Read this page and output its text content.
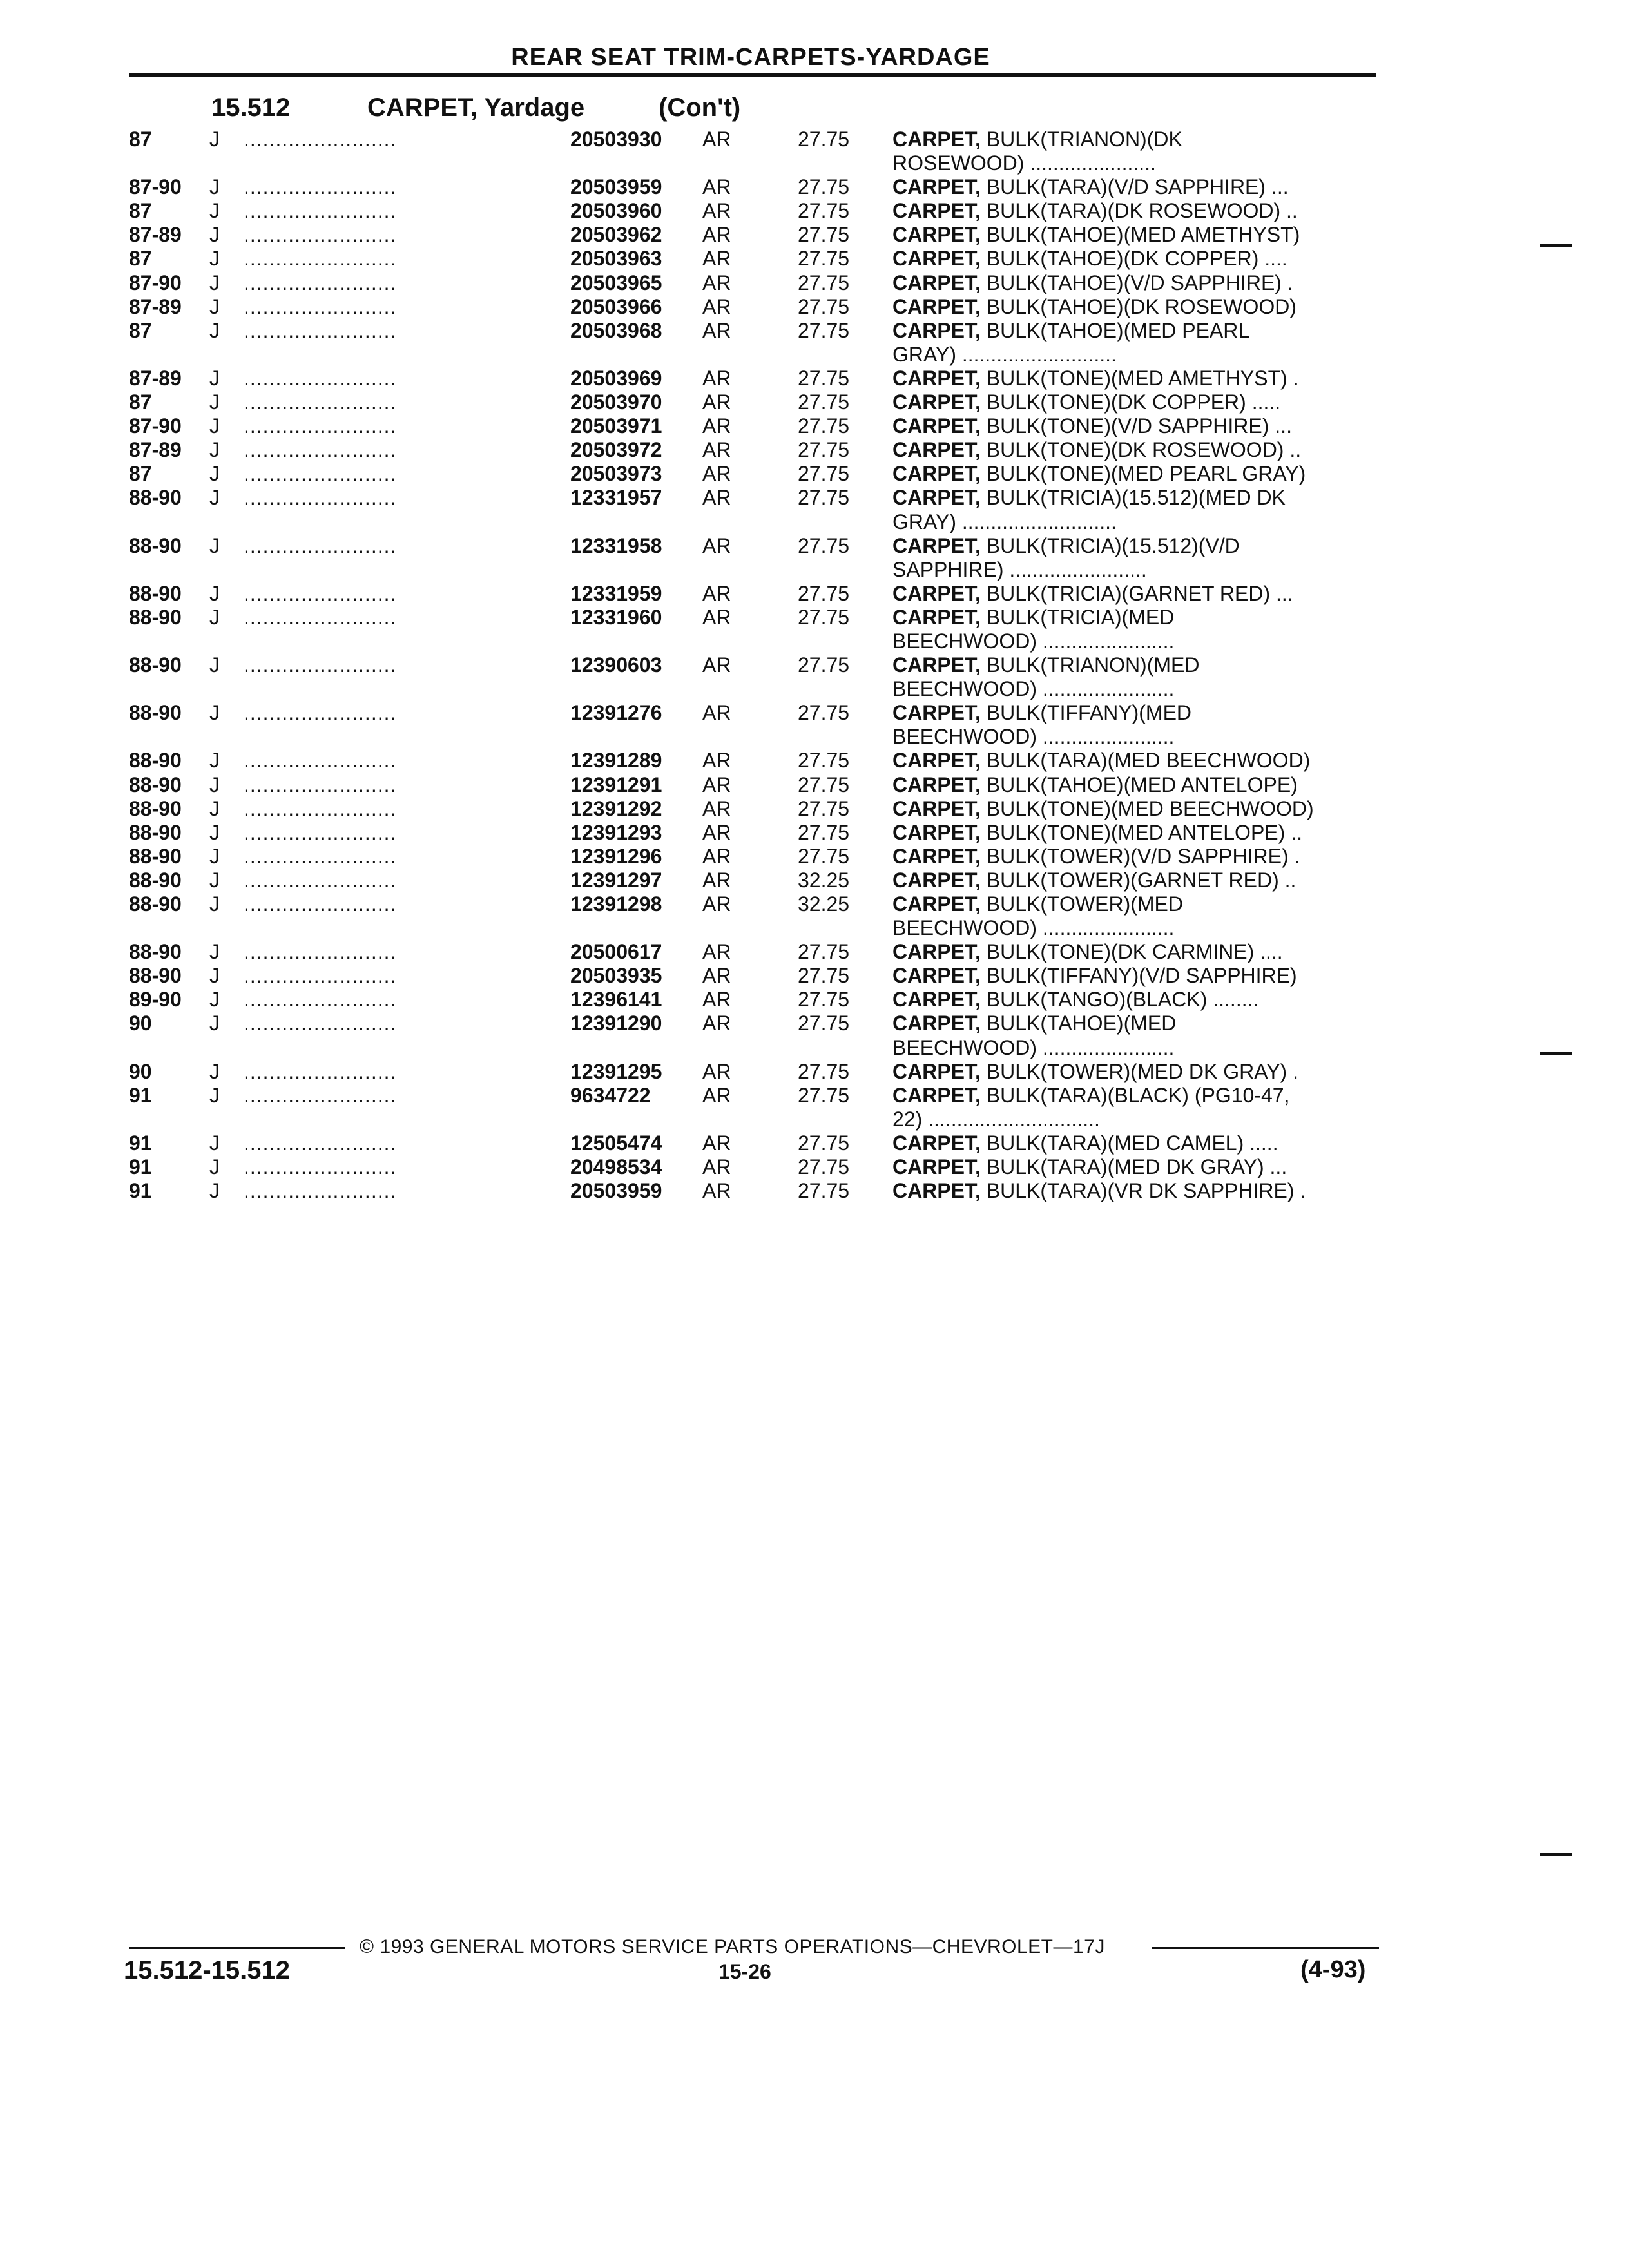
REAR SEAT TRIM-CARPETS-YARDAGE
15.512	CARPET, Yardage	(Con't)
87	J ........................	20503930 AR	27.75 CARPET, BULK(TRIANON)(DK
ROSEWOOD) ......................
87-90 J ........................	20503959 AR	27.75 CARPET, BULK(TARA)(V/D SAPPHIRE) ...
87	J ........................	20503960 AR	27.75 CARPET, BULK(TARA)(DK ROSEWOOD) ..
87-89 J ........................	20503962 AR	27.75 CARPET, BULK(TAHOE)(MED AMETHYST)
87	J ........................	20503963 AR	27.75 CARPET, BULK(TAHOE)(DK COPPER) ....
87-90 J ........................	20503965 AR	27.75 CARPET, BULK(TAHOE)(V/D SAPPHIRE) .
87-89 J ........................	20503966 AR	27.75 CARPET, BULK(TAHOE)(DK ROSEWOOD)
87	J ........................	20503968 AR	27.75 CARPET, BULK(TAHOE)(MED PEARL
GRAY) ...........................
87-89 J ........................	20503969 AR	27.75 CARPET, BULK(TONE)(MED AMETHYST) .
87	J ........................	20503970 AR	27.75 CARPET, BULK(TONE)(DK COPPER) .....
87-90 J ........................	20503971 AR	27.75 CARPET, BULK(TONE)(V/D SAPPHIRE) ...
87-89 J ........................	20503972 AR	27.75 CARPET, BULK(TONE)(DK ROSEWOOD) ..
87	J ........................	20503973 AR	27.75 CARPET, BULK(TONE)(MED PEARL GRAY)
88-90 J ........................	12331957 AR	27.75 CARPET, BULK(TRICIA)(15.512)(MED DK
GRAY) ...........................
88-90 J ........................	12331958 AR	27.75 CARPET, BULK(TRICIA)(15.512)(V/D
SAPPHIRE) ........................
88-90 J ........................	12331959 AR	27.75 CARPET, BULK(TRICIA)(GARNET RED) ...
88-90 J ........................	12331960 AR	27.75 CARPET, BULK(TRICIA)(MED
BEECHWOOD) .......................
88-90 J ........................	12390603 AR	27.75 CARPET, BULK(TRIANON)(MED
BEECHWOOD) .......................
88-90 J ........................	12391276 AR	27.75 CARPET, BULK(TIFFANY)(MED
BEECHWOOD) .......................
88-90 J ........................	12391289 AR	27.75 CARPET, BULK(TARA)(MED BEECHWOOD)
88-90 J ........................	12391291 AR	27.75 CARPET, BULK(TAHOE)(MED ANTELOPE)
88-90 J ........................	12391292 AR	27.75 CARPET, BULK(TONE)(MED BEECHWOOD)
88-90 J ........................	12391293 AR	27.75 CARPET, BULK(TONE)(MED ANTELOPE) ..
88-90 J ........................	12391296 AR	27.75 CARPET, BULK(TOWER)(V/D SAPPHIRE) .
88-90 J ........................	12391297 AR	32.25 CARPET, BULK(TOWER)(GARNET RED) ..
88-90 J ........................	12391298 AR	32.25 CARPET, BULK(TOWER)(MED
BEECHWOOD) .......................
88-90 J ........................	20500617 AR	27.75 CARPET, BULK(TONE)(DK CARMINE) ....
88-90 J ........................	20503935 AR	27.75 CARPET, BULK(TIFFANY)(V/D SAPPHIRE)
89-90 J ........................	12396141 AR	27.75 CARPET, BULK(TANGO)(BLACK) ........
90	J ........................	12391290 AR	27.75 CARPET, BULK(TAHOE)(MED
BEECHWOOD) .......................
90	J ........................	12391295 AR	27.75 CARPET, BULK(TOWER)(MED DK GRAY) .
91	J ........................	9634722	AR	27.75 CARPET, BULK(TARA)(BLACK) (PG10-47,
22) ..............................
91	J ........................	12505474 AR	27.75 CARPET, BULK(TARA)(MED CAMEL) .....
91	J ........................	20498534 AR	27.75 CARPET, BULK(TARA)(MED DK GRAY) ...
91	J ........................	20503959 AR	27.75 CARPET, BULK(TARA)(VR DK SAPPHIRE) .
© 1993 GENERAL MOTORS SERVICE PARTS OPERATIONS—CHEVROLET—17J
15.512-15.512	15-26	(4-93)
